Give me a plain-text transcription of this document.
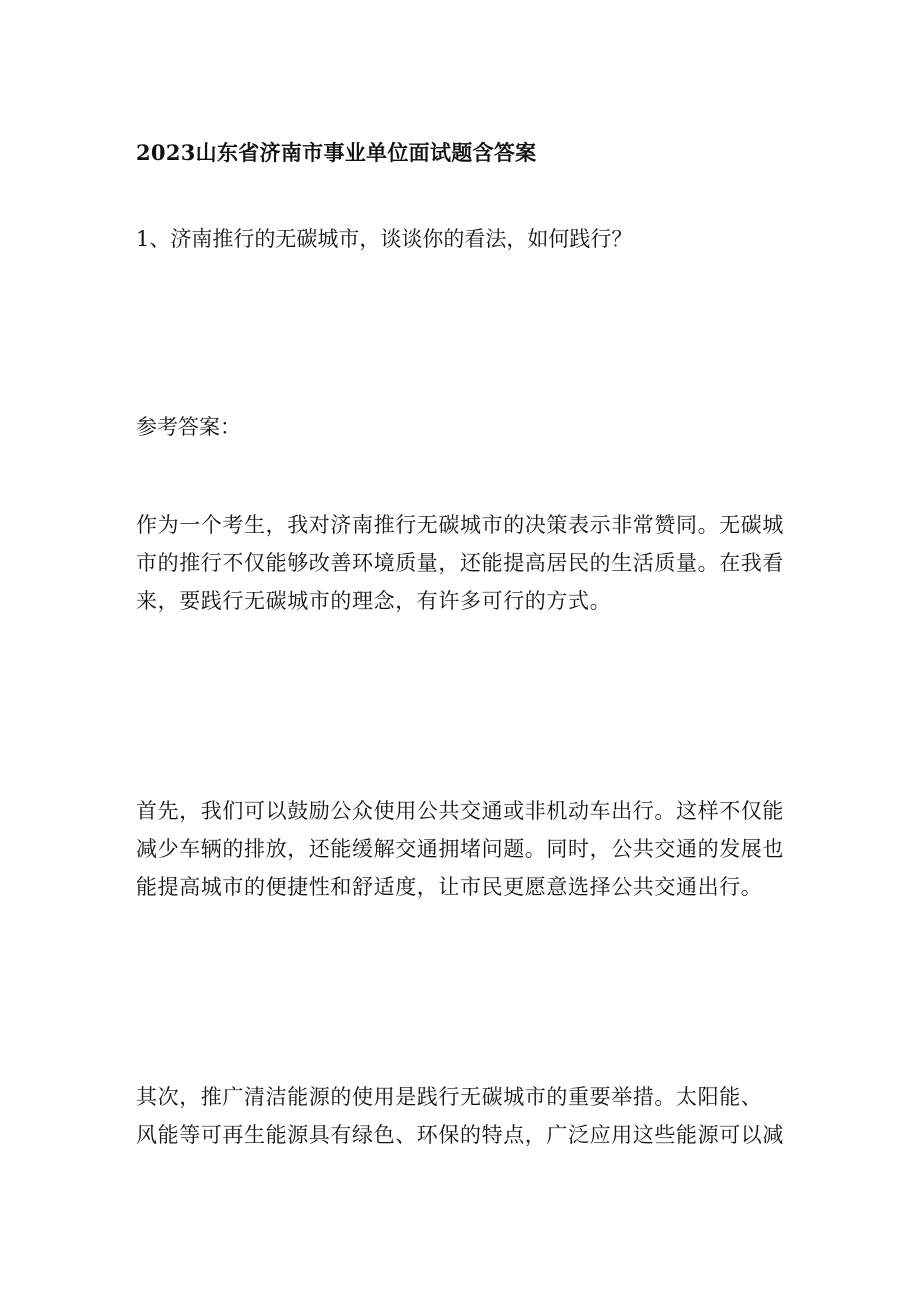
2023山东省济南市事业单位面试题含答案

1、济南推行的无碳城市，谈谈你的看法，如何践行？

参考答案：

作为一个考生，我对济南推行无碳城市的决策表示非常赞同。无碳城
市的推行不仅能够改善环境质量，还能提高居民的生活质量。在我看
来，要践行无碳城市的理念，有许多可行的方式。

首先，我们可以鼓励公众使用公共交通或非机动车出行。这样不仅能
减少车辆的排放，还能缓解交通拥堵问题。同时，公共交通的发展也
能提高城市的便捷性和舒适度，让市民更愿意选择公共交通出行。

其次，推广清洁能源的使用是践行无碳城市的重要举措。太阳能、
风能等可再生能源具有绿色、环保的特点，广泛应用这些能源可以减
